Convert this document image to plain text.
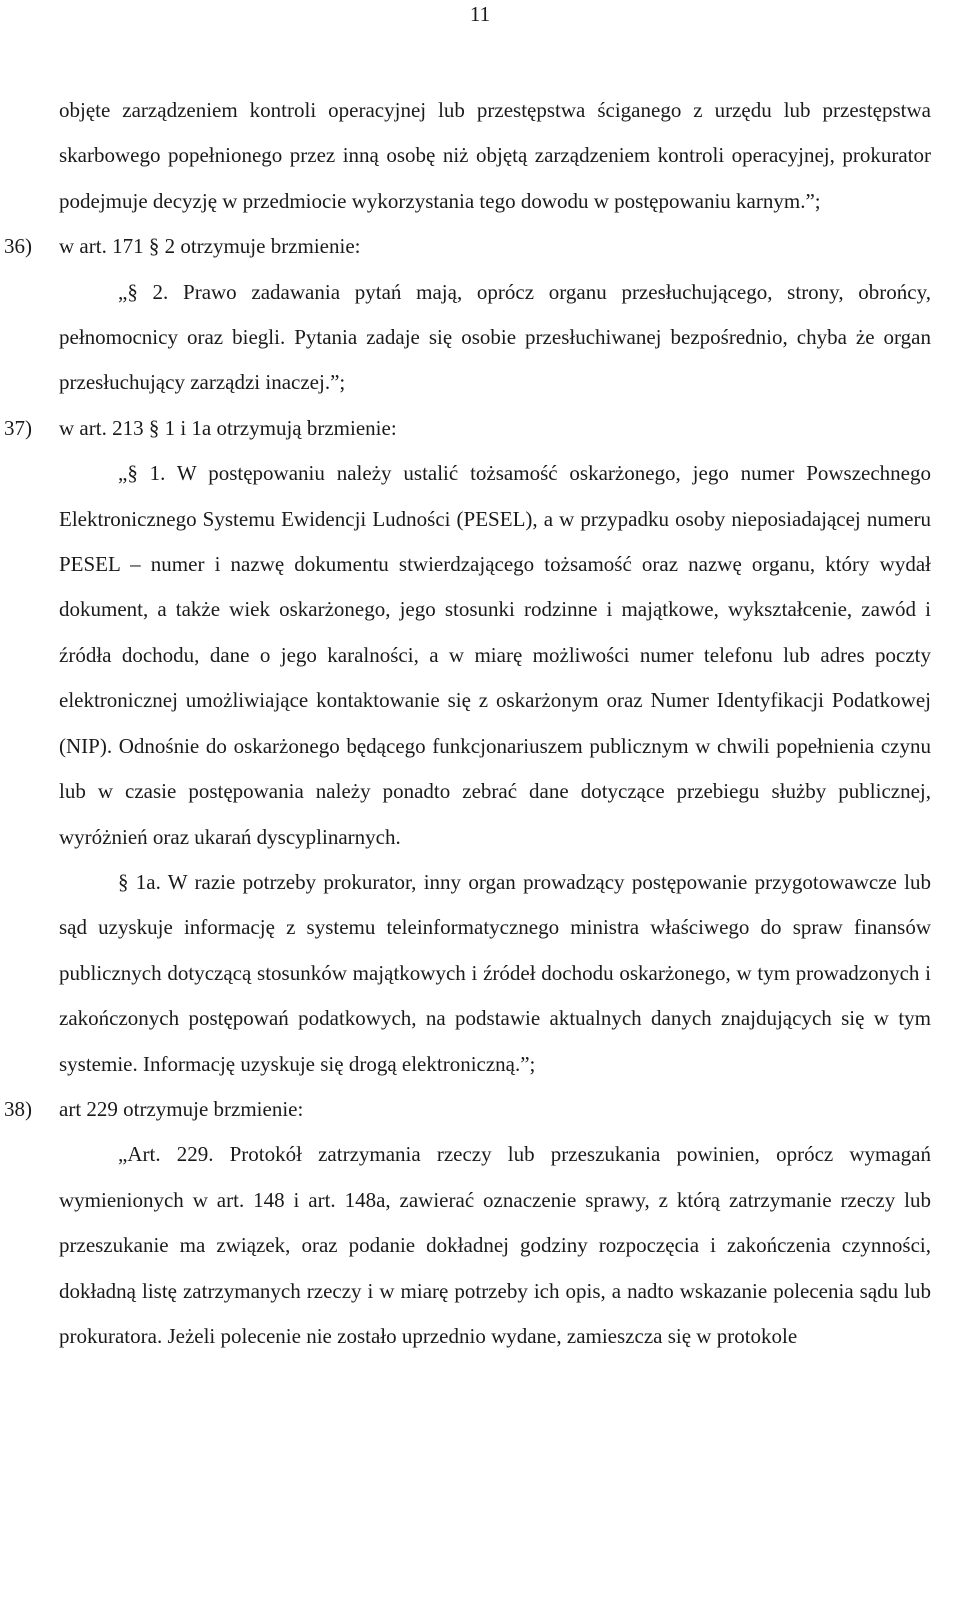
11

objęte zarządzeniem kontroli operacyjnej lub przestępstwa ściganego z urzędu lub przestępstwa skarbowego popełnionego przez inną osobę niż objętą zarządzeniem kontroli operacyjnej, prokurator podejmuje decyzję w przedmiocie wykorzystania tego dowodu w postępowaniu karnym.”;

36) w art. 171 § 2 otrzymuje brzmienie:

„§ 2. Prawo zadawania pytań mają, oprócz organu przesłuchującego, strony, obrońcy, pełnomocnicy oraz biegli. Pytania zadaje się osobie przesłuchiwanej bezpośrednio, chyba że organ przesłuchujący zarządzi inaczej.”;

37) w art. 213 § 1 i 1a otrzymują brzmienie:

„§ 1. W postępowaniu należy ustalić tożsamość oskarżonego, jego numer Powszechnego Elektronicznego Systemu Ewidencji Ludności (PESEL), a w przypadku osoby nieposiadającej numeru PESEL – numer i nazwę dokumentu stwierdzającego tożsamość oraz nazwę organu, który wydał dokument, a także wiek oskarżonego, jego stosunki rodzinne i majątkowe, wykształcenie, zawód i źródła dochodu, dane o jego karalności, a w miarę możliwości numer telefonu lub adres poczty elektronicznej umożliwiające kontaktowanie się z oskarżonym oraz Numer Identyfikacji Podatkowej (NIP). Odnośnie do oskarżonego będącego funkcjonariuszem publicznym w chwili popełnienia czynu lub w czasie postępowania należy ponadto zebrać dane dotyczące przebiegu służby publicznej, wyróżnień oraz ukarań dyscyplinarnych.

§ 1a. W razie potrzeby prokurator, inny organ prowadzący postępowanie przygotowawcze lub sąd uzyskuje informację z systemu teleinformatycznego ministra właściwego do spraw finansów publicznych dotyczącą stosunków majątkowych i źródeł dochodu oskarżonego, w tym prowadzonych i zakończonych postępowań podatkowych, na podstawie aktualnych danych znajdujących się w tym systemie. Informację uzyskuje się drogą elektroniczną.”;

38) art 229 otrzymuje brzmienie:

„Art. 229. Protokół zatrzymania rzeczy lub przeszukania powinien, oprócz wymagań wymienionych w art. 148 i art. 148a, zawierać oznaczenie sprawy, z którą zatrzymanie rzeczy lub przeszukanie ma związek, oraz podanie dokładnej godziny rozpoczęcia i zakończenia czynności, dokładną listę zatrzymanych rzeczy i w miarę potrzeby ich opis, a nadto wskazanie polecenia sądu lub prokuratora. Jeżeli polecenie nie zostało uprzednio wydane, zamieszcza się w protokole
